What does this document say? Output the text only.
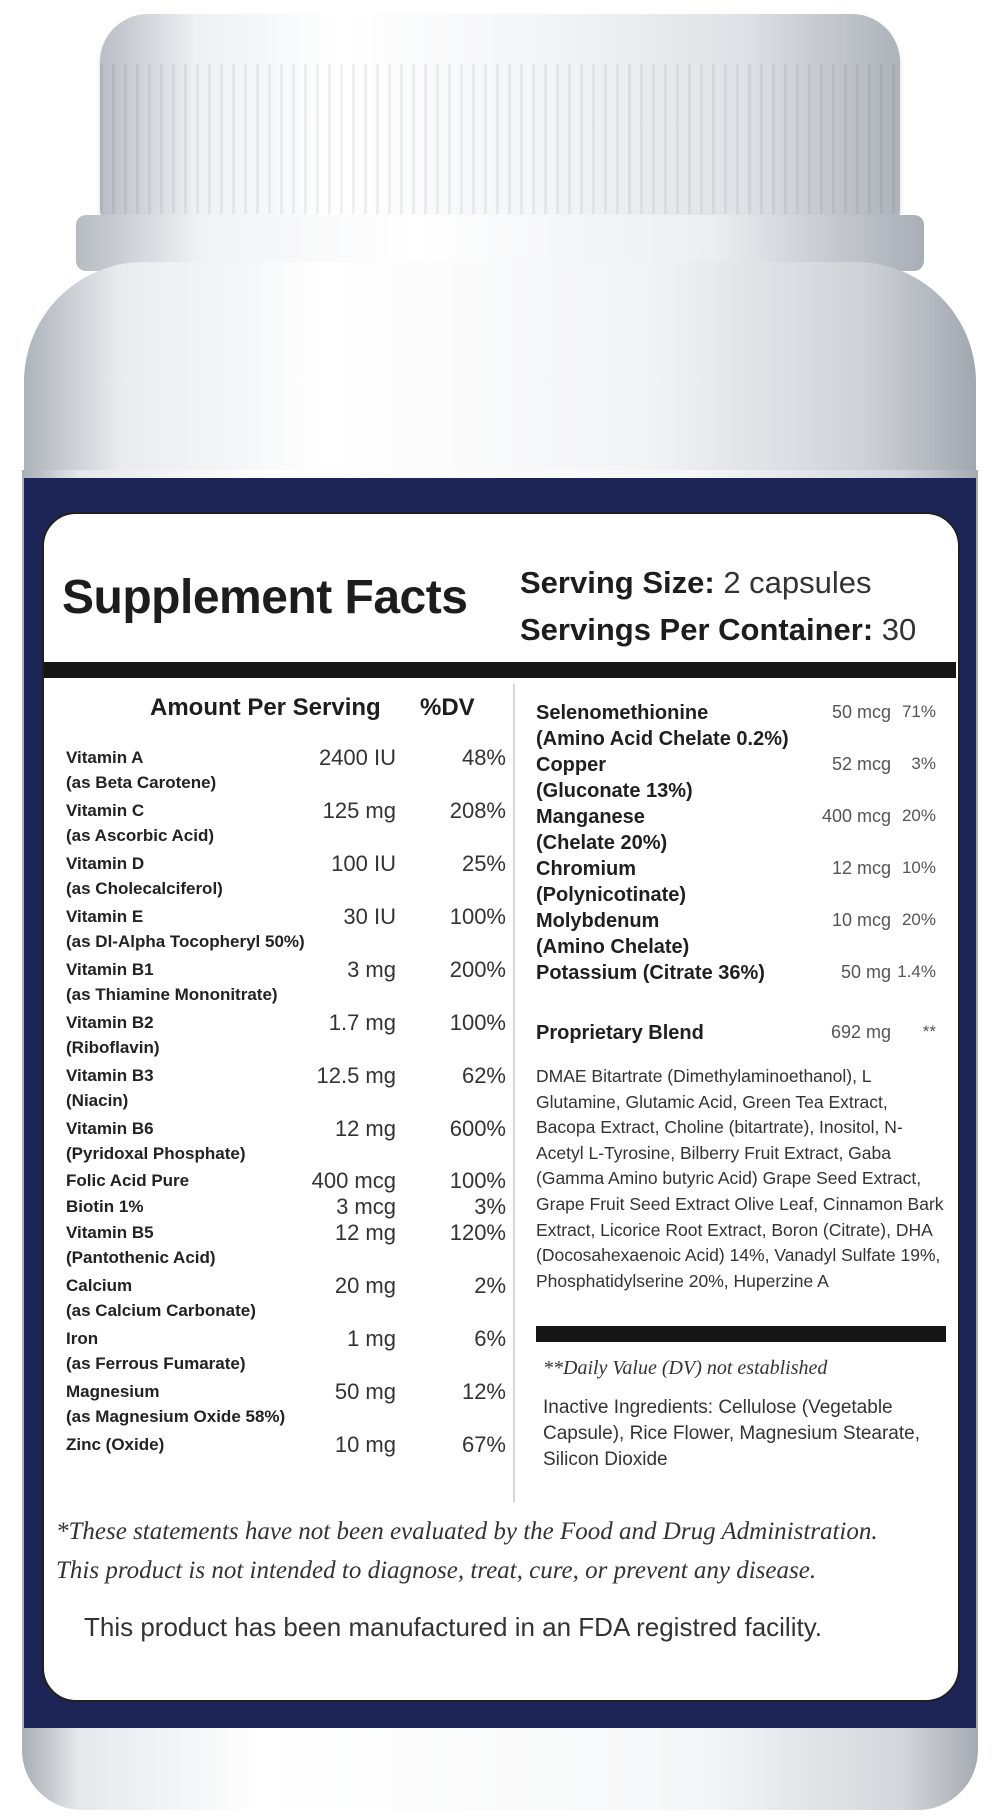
Supplement Facts Serving Size: 2 capsules
Servings Per Container: 30
Amount Per Serving %DV
Vitamin A
(as Beta Carotene)
2400 IU	48%
Vitamin C
(as Ascorbic Acid)
125 mg 208%
Vitamin D
(as Cholecalciferol)
100 IU	25%
Vitamin E
(as Dl-Alpha Tocopheryl 50%)
30 IU 100%
Vitamin B1
(as Thiamine Mononitrate)
3 mg 200%
Vitamin B2
(Riboflavin)
1.7 mg 100%
Vitamin B3
(Niacin)
12.5 mg	62%
Vitamin B6
(Pyridoxal Phosphate)
12 mg 600%
Folic Acid Pure	400 mcg 100%
Biotin 1%	3 mcg	3%
Vitamin B5
(Pantothenic Acid)
12 mg 120%
Calcium
(as Calcium Carbonate)
20 mg	2%
Iron
(as Ferrous Fumarate)
1 mg	6%
Magnesium
(as Magnesium Oxide 58%)
50 mg	12%
Zinc (Oxide)	10 mg	67%
Selenomethionine
(Amino Acid Chelate 0.2%)
50 mcg 71%
Copper
(Gluconate 13%)
52 mcg 3%
Manganese
(Chelate 20%)
400 mcg 20%
Chromium
(Polynicotinate)
12 mcg 10%
Molybdenum
(Amino Chelate)
10 mcg 20%
Potassium (Citrate 36%)	50 mg 1.4%
Proprietary Blend	692 mg **
DMAE Bitartrate (Dimethylaminoethanol), L Glutamine, Glutamic Acid, Green Tea Extract, Bacopa Extract, Choline (bitartrate), Inositol, N-Acetyl L-Tyrosine, Bilberry Fruit Extract, Gaba (Gamma Amino butyric Acid) Grape Seed Extract, Grape Fruit Seed Extract Olive Leaf, Cinnamon Bark Extract, Licorice Root Extract, Boron (Citrate), DHA (Docosahexaenoic Acid) 14%, Vanadyl Sulfate 19%, Phosphatidylserine 20%, Huperzine A
**Daily Value (DV) not established
Inactive Ingredients: Cellulose (Vegetable Capsule), Rice Flower, Magnesium Stearate, Silicon Dioxide
*These statements have not been evaluated by the Food and Drug Administration.
This product is not intended to diagnose, treat, cure, or prevent any disease.
This product has been manufactured in an FDA registred facility.
